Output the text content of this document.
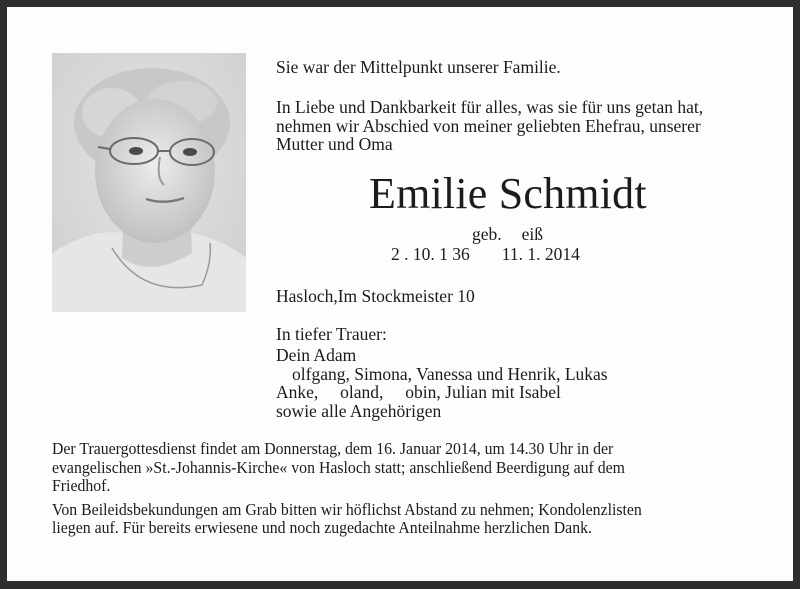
Sie war der Mittelpunkt unserer Familie.
In Liebe und Dankbarkeit für alles, was sie für uns getan hat,
nehmen wir Abschied von meiner geliebten Ehefrau, unserer
Mutter und Oma
Emilie Schmidt
geb. eiß
2 . 10. 1 36 11. 1. 2014
Hasloch,Im Stockmeister 10
In tiefer Trauer:
Dein Adam
olfgang, Simona, Vanessa und Henrik, Lukas
Anke,     oland,     obin, Julian mit Isabel
sowie alle Angehörigen

Der Trauergottesdienst findet am Donnerstag, dem 16. Januar 2014, um 14.30 Uhr in der
evangelischen »St.-Johannis-Kirche« von Hasloch statt; anschließend Beerdigung auf dem
Friedhof.

Von Beileidsbekundungen am Grab bitten wir höflichst Abstand zu nehmen; Kondolenzlisten
liegen auf. Für bereits erwiesene und noch zugedachte Anteilnahme herzlichen Dank.
